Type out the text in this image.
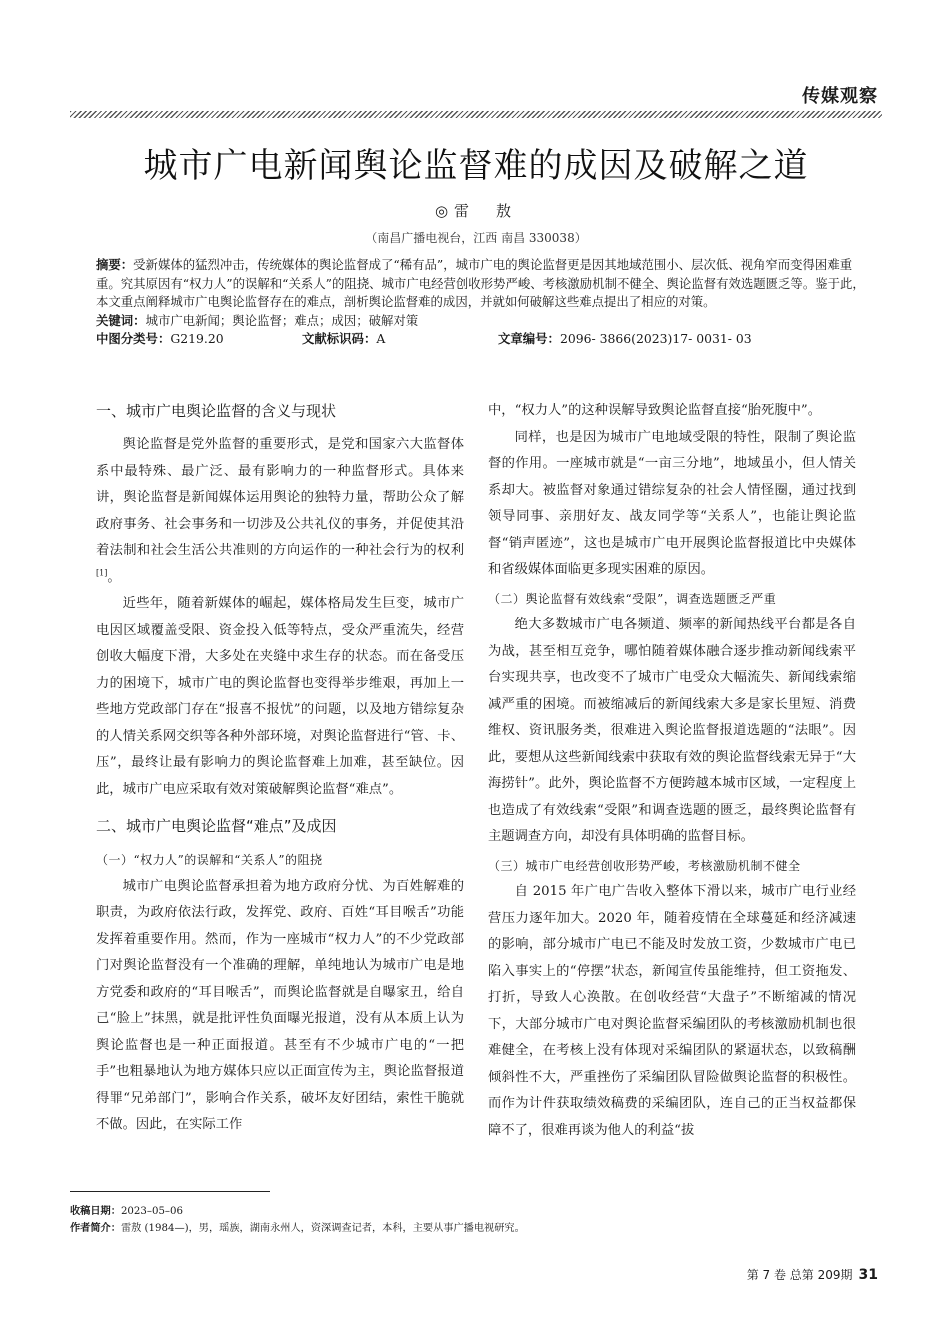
传媒观察
城市广电新闻舆论监督难的成因及破解之道
◎雷　敖
（南昌广播电视台，江西 南昌 330038）

摘要：受新媒体的猛烈冲击，传统媒体的舆论监督成了“稀有品”，城市广电的舆论监督更是因其地域范围小、层次低、视角窄而变得困难重重。究其原因有“权力人”的误解和“关系人”的阻挠、城市广电经营创收形势严峻、考核激励机制不健全、舆论监督有效选题匮乏等。鉴于此，本文重点阐释城市广电舆论监督存在的难点，剖析舆论监督难的成因，并就如何破解这些难点提出了相应的对策。

关键词：城市广电新闻；舆论监督；难点；成因；破解对策

中图分类号：G219.20	文献标识码：A	文章编号：2096- 3866(2023)17- 0031- 03
一、城市广电舆论监督的含义与现状

舆论监督是党外监督的重要形式，是党和国家六大监督体系中最特殊、最广泛、最有影响力的一种监督形式。具体来讲，舆论监督是新闻媒体运用舆论的独特力量，帮助公众了解政府事务、社会事务和一切涉及公共礼仪的事务，并促使其沿着法制和社会生活公共准则的方向运作的一种社会行为的权利[1]。

近些年，随着新媒体的崛起，媒体格局发生巨变，城市广电因区域覆盖受限、资金投入低等特点，受众严重流失，经营创收大幅度下滑，大多处在夹缝中求生存的状态。而在备受压力的困境下，城市广电的舆论监督也变得举步维艰，再加上一些地方党政部门存在“报喜不报忧”的问题，以及地方错综复杂的人情关系网交织等各种外部环境，对舆论监督进行“管、卡、压”，最终让最有影响力的舆论监督难上加难，甚至缺位。因此，城市广电应采取有效对策破解舆论监督“难点”。

二、城市广电舆论监督“难点”及成因
（一）“权力人”的误解和“关系人”的阻挠

城市广电舆论监督承担着为地方政府分忧、为百姓解难的职责，为政府依法行政，发挥党、政府、百姓“耳目喉舌”功能发挥着重要作用。然而，作为一座城市“权力人”的不少党政部门对舆论监督没有一个准确的理解，单纯地认为城市广电是地方党委和政府的“耳目喉舌”，而舆论监督就是自曝家丑，给自己“脸上”抹黑，就是批评性负面曝光报道，没有从本质上认为舆论监督也是一种正面报道。甚至有不少城市广电的“一把手”也粗暴地认为地方媒体只应以正面宣传为主，舆论监督报道得罪“兄弟部门”，影响合作关系，破坏友好团结，索性干脆就不做。因此，在实际工作

中，“权力人”的这种误解导致舆论监督直接“胎死腹中”。

同样，也是因为城市广电地域受限的特性，限制了舆论监督的作用。一座城市就是“一亩三分地”，地域虽小，但人情关系却大。被监督对象通过错综复杂的社会人情怪圈，通过找到领导同事、亲朋好友、战友同学等“关系人”，也能让舆论监督“销声匿迹”，这也是城市广电开展舆论监督报道比中央媒体和省级媒体面临更多现实困难的原因。

（二）舆论监督有效线索“受限”，调查选题匮乏严重

绝大多数城市广电各频道、频率的新闻热线平台都是各自为战，甚至相互竞争，哪怕随着媒体融合逐步推动新闻线索平台实现共享，也改变不了城市广电受众大幅流失、新闻线索缩减严重的困境。而被缩减后的新闻线索大多是家长里短、消费维权、资讯服务类，很难进入舆论监督报道选题的“法眼”。因此，要想从这些新闻线索中获取有效的舆论监督线索无异于“大海捞针”。此外，舆论监督不方便跨越本城市区域，一定程度上也造成了有效线索“受限”和调查选题的匮乏，最终舆论监督有主题调查方向，却没有具体明确的监督目标。

（三）城市广电经营创收形势严峻，考核激励机制不健全

自 2015 年广电广告收入整体下滑以来，城市广电行业经营压力逐年加大。2020 年，随着疫情在全球蔓延和经济减速的影响，部分城市广电已不能及时发放工资，少数城市广电已陷入事实上的“停摆”状态，新闻宣传虽能维持，但工资拖发、打折，导致人心涣散。在创收经营“大盘子”不断缩减的情况下，大部分城市广电对舆论监督采编团队的考核激励机制也很难健全，在考核上没有体现对采编团队的紧逼状态，以致稿酬倾斜性不大，严重挫伤了采编团队冒险做舆论监督的积极性。而作为计件获取绩效稿费的采编团队，连自己的正当权益都保障不了，很难再谈为他人的利益“拔

收稿日期：2023–05–06

作者简介：雷敖 (1984—)，男，瑶族，湖南永州人，资深调查记者，本科，主要从事广播电视研究。

第 7 卷 总第 209期 31
